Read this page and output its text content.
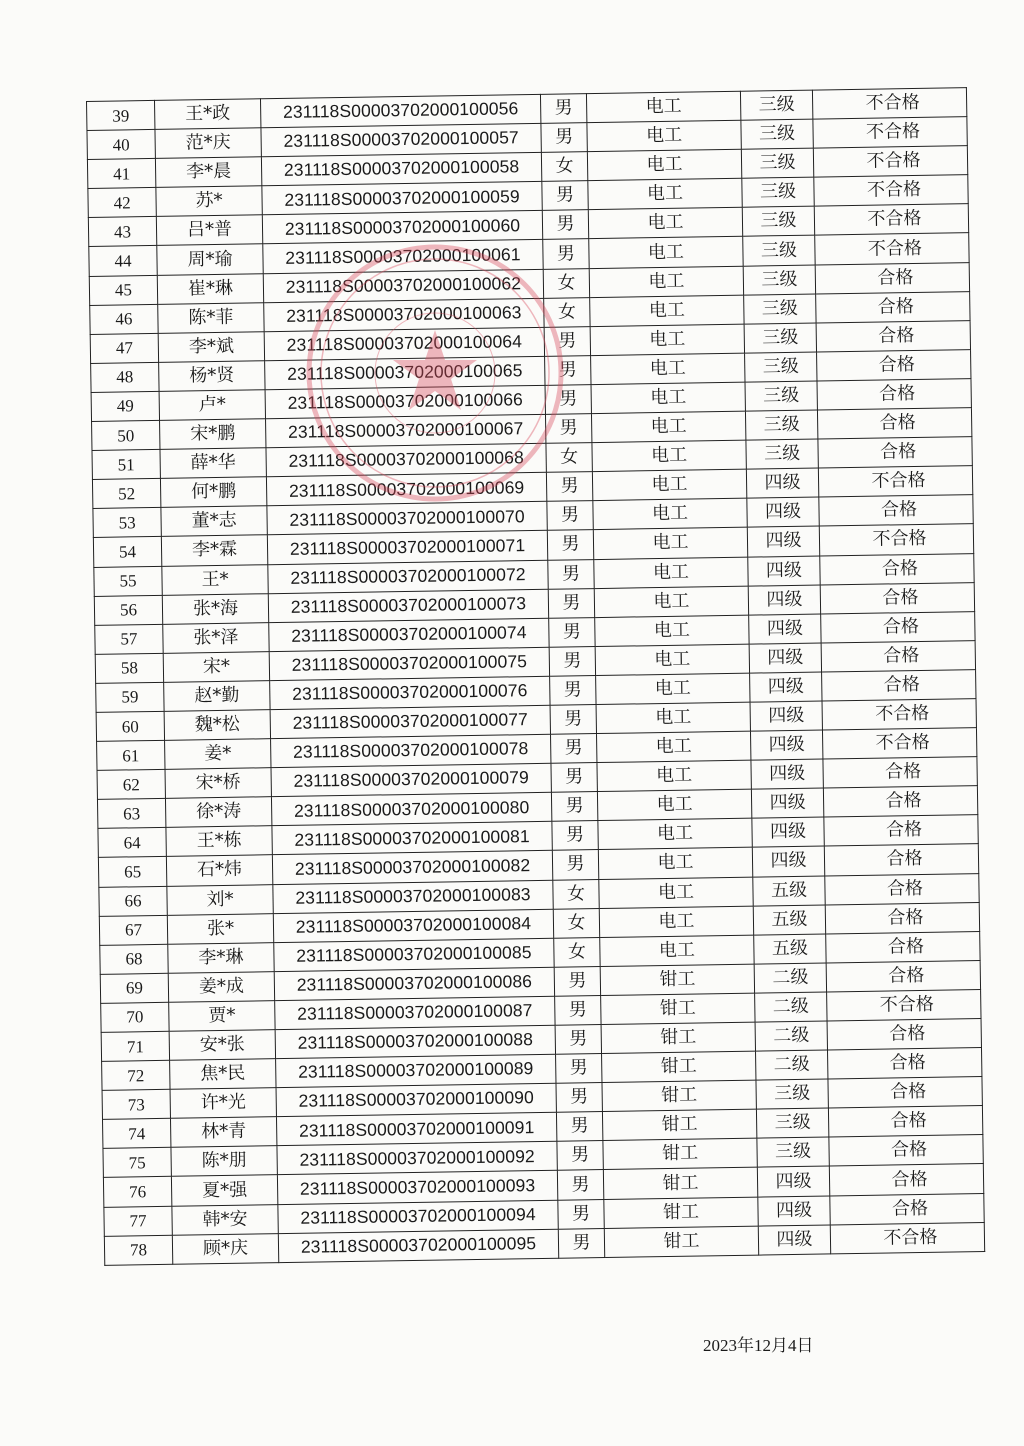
39	王*政	231118S00003702000100056	男	电工	三级	不合格
40	范*庆	231118S00003702000100057	男	电工	三级	不合格
41	李*晨	231118S00003702000100058	女	电工	三级	不合格
42	苏*	231118S00003702000100059	男	电工	三级	不合格
43	吕*普	231118S00003702000100060	男	电工	三级	不合格
44	周*瑜	231118S00003702000100061	男	电工	三级	不合格
45	崔*琳	231118S00003702000100062	女	电工	三级	合格
46	陈*菲	231118S00003702000100063	女	电工	三级	合格
47	李*斌	231118S00003702000100064	男	电工	三级	合格
48	杨*贤	231118S00003702000100065	男	电工	三级	合格
49	卢*	231118S00003702000100066	男	电工	三级	合格
50	宋*鹏	231118S00003702000100067	男	电工	三级	合格
51	薛*华	231118S00003702000100068	女	电工	三级	合格
52	何*鹏	231118S00003702000100069	男	电工	四级	不合格
53	董*志	231118S00003702000100070	男	电工	四级	合格
54	李*霖	231118S00003702000100071	男	电工	四级	不合格
55	王*	231118S00003702000100072	男	电工	四级	合格
56	张*海	231118S00003702000100073	男	电工	四级	合格
57	张*泽	231118S00003702000100074	男	电工	四级	合格
58	宋*	231118S00003702000100075	男	电工	四级	合格
59	赵*勤	231118S00003702000100076	男	电工	四级	合格
60	魏*松	231118S00003702000100077	男	电工	四级	不合格
61	姜*	231118S00003702000100078	男	电工	四级	不合格
62	宋*桥	231118S00003702000100079	男	电工	四级	合格
63	徐*涛	231118S00003702000100080	男	电工	四级	合格
64	王*栋	231118S00003702000100081	男	电工	四级	合格
65	石*炜	231118S00003702000100082	男	电工	四级	合格
66	刘*	231118S00003702000100083	女	电工	五级	合格
67	张*	231118S00003702000100084	女	电工	五级	合格
68	李*琳	231118S00003702000100085	女	电工	五级	合格
69	姜*成	231118S00003702000100086	男	钳工	二级	合格
70	贾*	231118S00003702000100087	男	钳工	二级	不合格
71	安*张	231118S00003702000100088	男	钳工	二级	合格
72	焦*民	231118S00003702000100089	男	钳工	二级	合格
73	许*光	231118S00003702000100090	男	钳工	三级	合格
74	林*青	231118S00003702000100091	男	钳工	三级	合格
75	陈*朋	231118S00003702000100092	男	钳工	三级	合格
76	夏*强	231118S00003702000100093	男	钳工	四级	合格
77	韩*安	231118S00003702000100094	男	钳工	四级	合格
78	顾*庆	231118S00003702000100095	男	钳工	四级	不合格
2023年12月4日
